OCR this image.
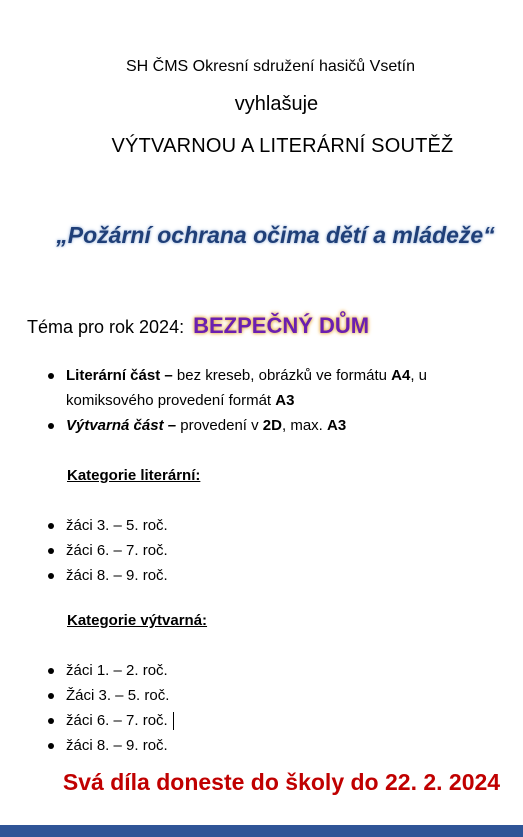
SH ČMS Okresní sdružení hasičů Vsetín
vyhlašuje
VÝTVARNOU A LITERÁRNÍ SOUTĚŽ
„Požární ochrana očima dětí a mládeže“
Téma pro rok 2024: BEZPEČNÝ DŮM
Literární část – bez kreseb, obrázků ve formátu A4, u komiksového provedení formát A3
Výtvarná část – provedení v 2D, max. A3
Kategorie literární:
žáci 3. – 5. roč.
žáci 6. – 7. roč.
žáci 8. – 9. roč.
Kategorie výtvarná:
žáci 1. – 2. roč.
Žáci 3. – 5. roč.
žáci 6. – 7. roč.
žáci 8. – 9. roč.
Svá díla doneste do školy do 22. 2. 2024
